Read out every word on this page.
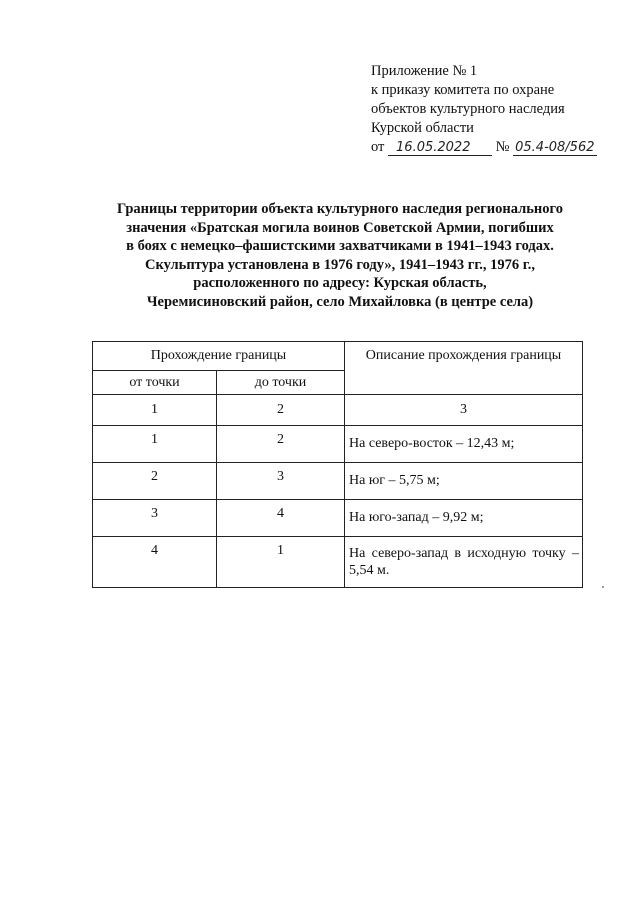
Приложение № 1
к приказу комитета по охране
объектов культурного наследия
Курской области
от 16.05.2022 № 05.4-08/562
Границы территории объекта культурного наследия регионального
значения «Братская могила воинов Советской Армии, погибших
в боях с немецко–фашистскими захватчиками в 1941–1943 годах.
Скульптура установлена в 1976 году», 1941–1943 гг., 1976 г.,
расположенного по адресу: Курская область,
Черемисиновский район, село Михайловка (в центре села)
Прохождение границы		Описание прохождения границы
от точки	до точки	
1	2	3
1	2	На северо-восток – 12,43 м;
2	3	На юг – 5,75 м;
3	4	На юго-запад – 9,92 м;
4	1	На северо-запад в исходную точку – 5,54 м.
